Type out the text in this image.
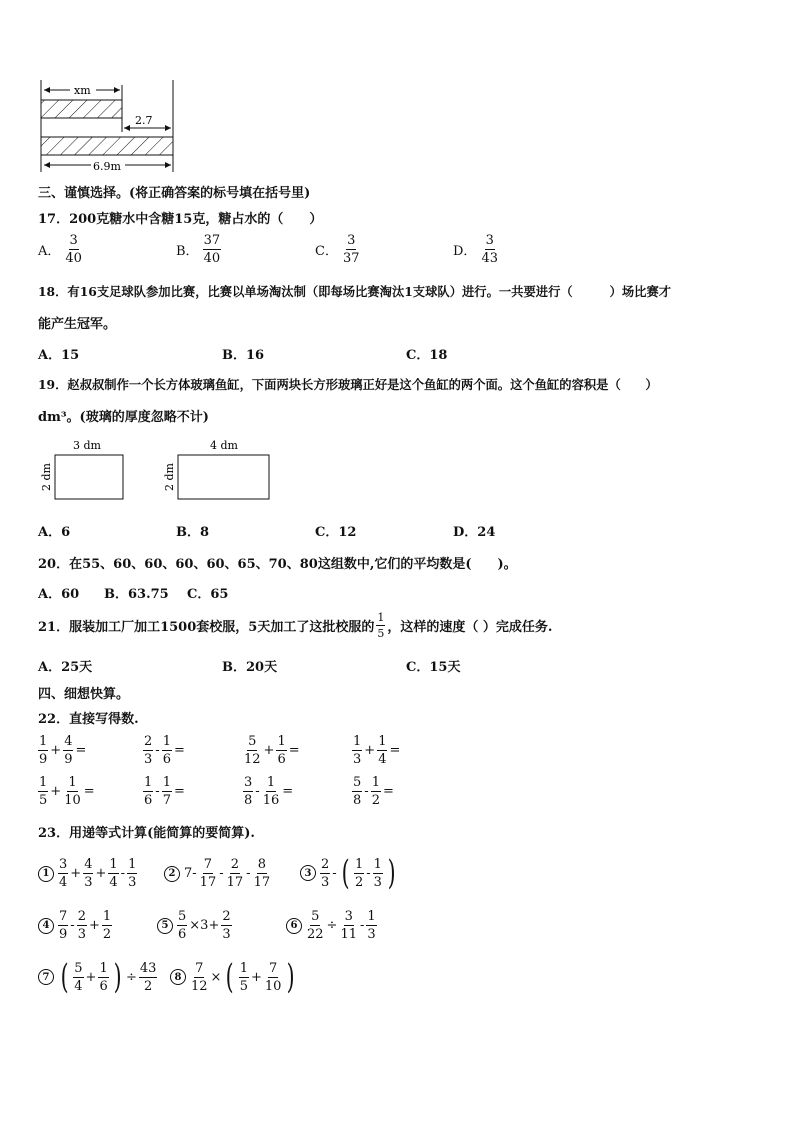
xm
2.7
6.9m
三、谨慎选择。(将正确答案的标号填在括号里)
17．200克糖水中含糖15克，糖占水的（　　）
A． $\frac{3}{40}$	B． $\frac{37}{40}$	C． $\frac{3}{37}$	D． $\frac{3}{43}$
18．有16支足球队参加比赛，比赛以单场淘汰制（即每场比赛淘汰1支球队）进行。一共要进行（　　　）场比赛才
能产生冠军。
A．15	B．16	C．18
19．赵叔叔制作一个长方体玻璃鱼缸，下面两块长方形玻璃正好是这个鱼缸的两个面。这个鱼缸的容积是（　　）
dm³。(玻璃的厚度忽略不计)
3 dm
2 dm
4 dm
2 dm
A．6	B．8	C．12	D．24
20．在55、60、60、60、60、65、70、80这组数中,它们的平均数是(　　)。
A．60 B．63.75 C．65
21．服装加工厂加工1500套校服，5天加工了这批校服的 $\frac{1}{5}$ ，这样的速度（ ）完成任务.
A．25天	B．20天	C．15天
四、细想快算。
22．直接写得数.
$\frac{1}{9} + \frac{4}{9}$ =	$\frac{2}{3} - \frac{1}{6}$ =	$\frac{5}{12} + \frac{1}{6}$ =	$\frac{1}{3} + \frac{1}{4}$ =
$\frac{1}{5} + \frac{1}{10}$ =	$\frac{1}{6} - \frac{1}{7}$ =	$\frac{3}{8} - \frac{1}{16}$ =	$\frac{5}{8} - \frac{1}{2}$ =
23．用递等式计算(能简算的要简算).
$1 \frac{3}{4} + \frac{4}{3} + \frac{1}{4} - \frac{1}{3}$	2 $7- \frac{7}{17} - \frac{2}{17} - \frac{8}{17}$	$3 \frac{2}{3}$ - ( $\frac{1}{2} - \frac{1}{3}$ )
$4 \frac{7}{9} - \frac{2}{3} + \frac{1}{2}$	$5 \frac{5}{6} \times 3+ \frac{2}{3}$	$6 \frac{5}{22} \div \frac{3}{11} - \frac{1}{3}$
7 ( $\frac{5}{4} + \frac{1}{6}$ ) ÷ $\frac{43}{2}$	$8 \frac{7}{12}$ × ( $\frac{1}{5} + \frac{7}{10}$ )
